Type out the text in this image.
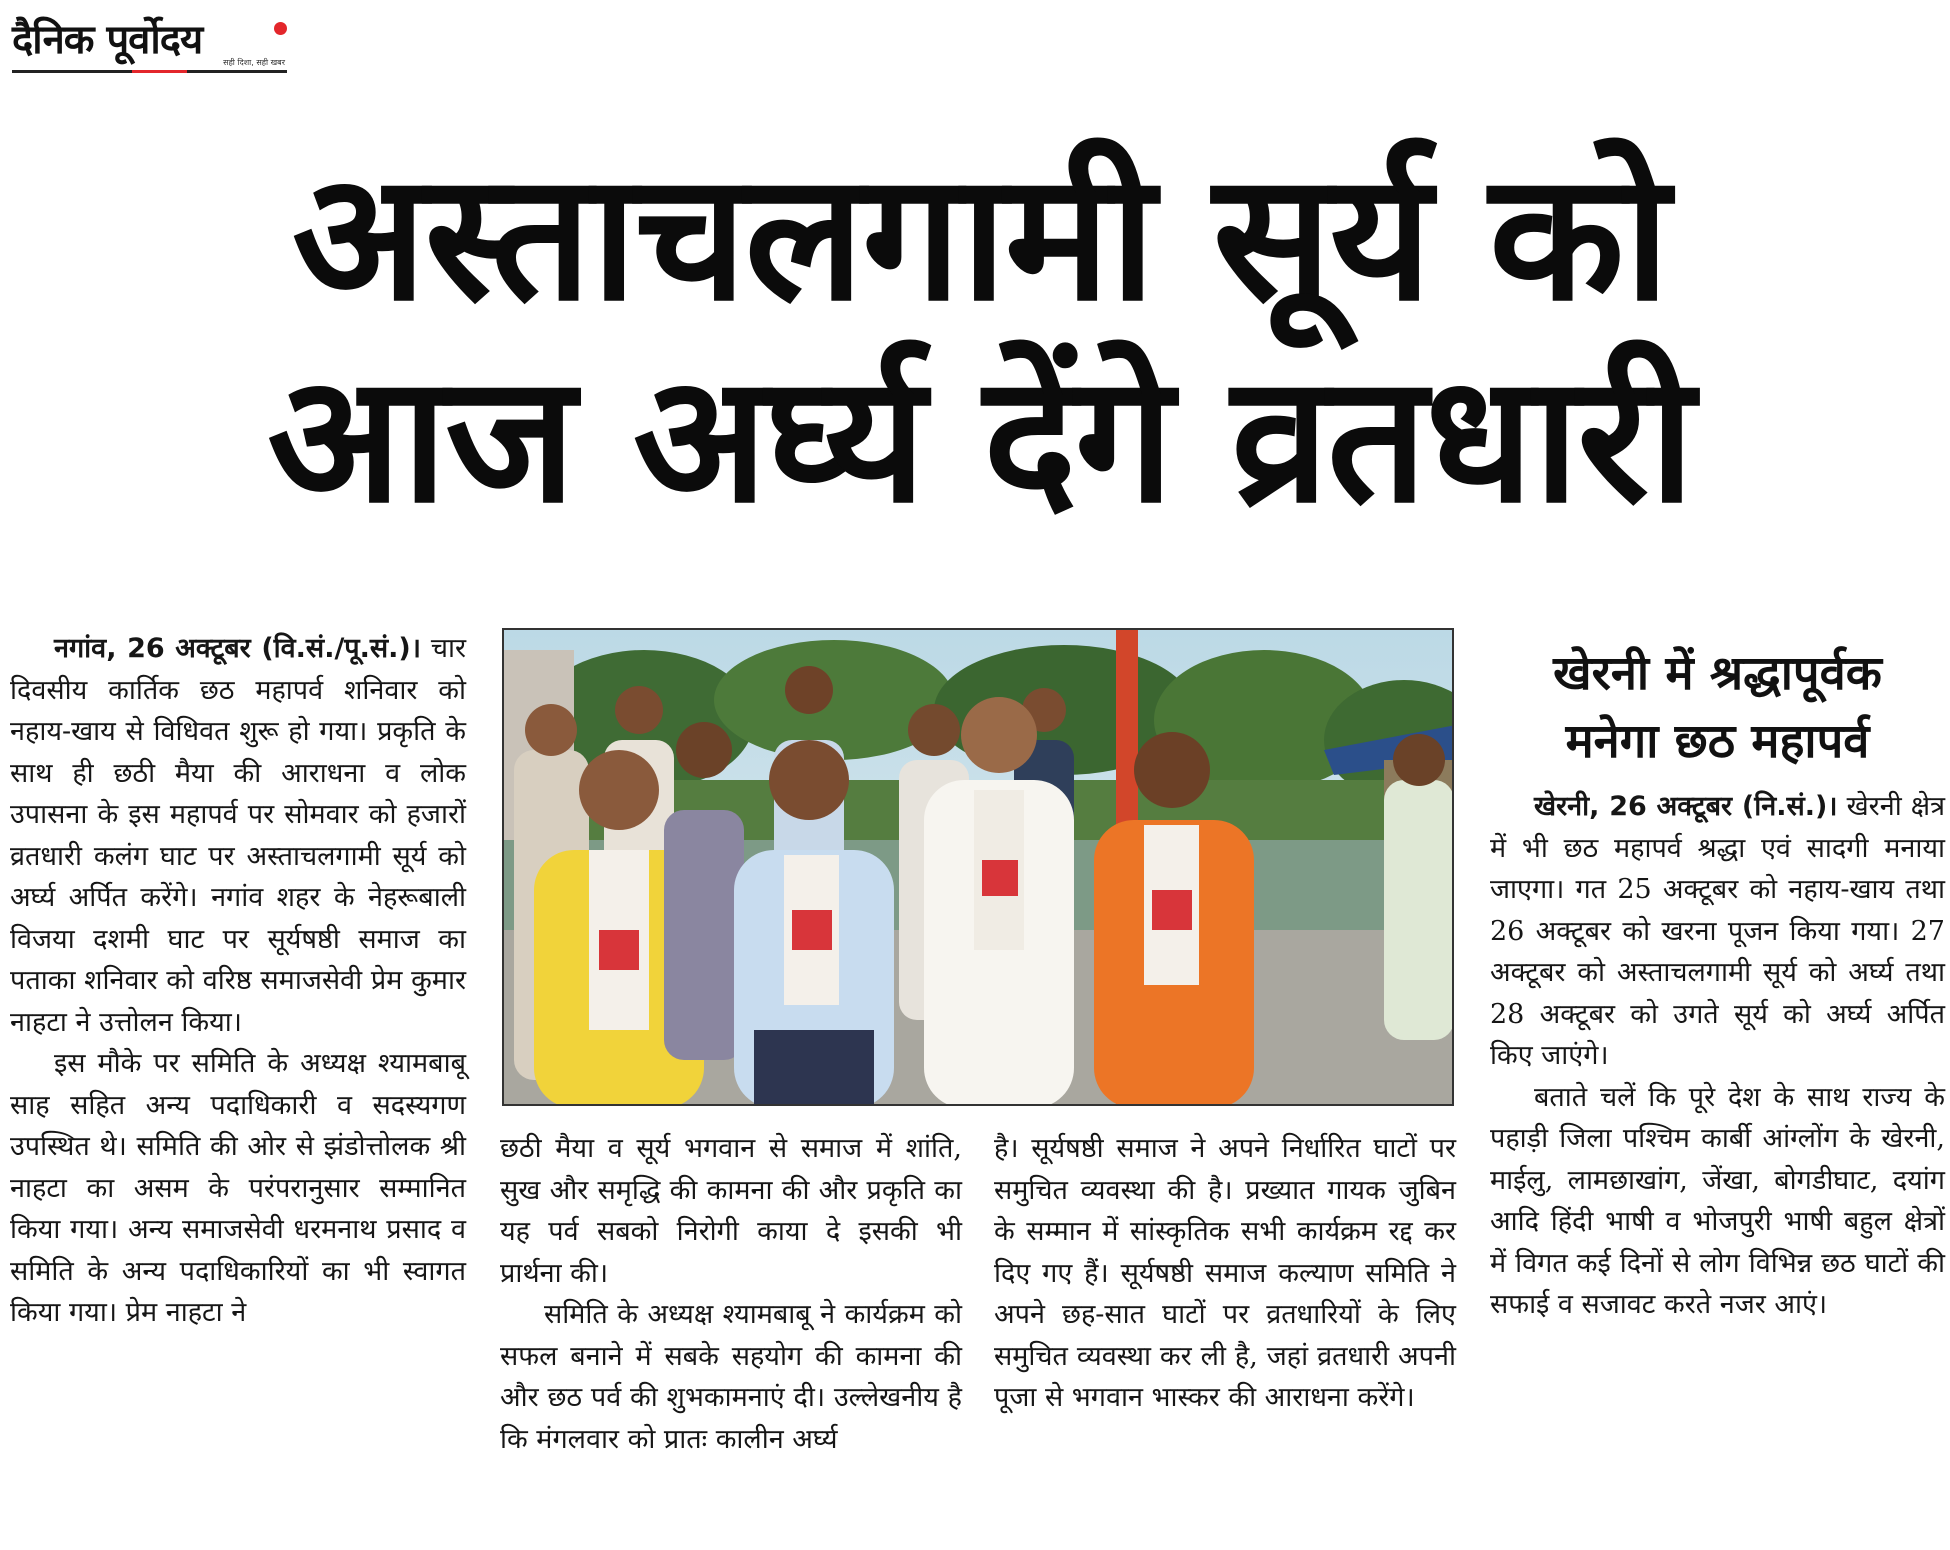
दैनिक पूर्वोदय	सही दिशा, सही खबर
अस्ताचलगामी सूर्य को
आज अर्घ्य देंगे व्रतधारी

नगांव, 26 अक्टूबर (वि.सं./पू.सं.)। चार दिवसीय कार्तिक छठ महापर्व शनिवार को नहाय-खाय से विधिवत शुरू हो गया। प्रकृति के साथ ही छठी मैया की आराधना व लोक उपासना के इस महापर्व पर सोमवार को हजारों व्रतधारी कलंग घाट पर अस्ताचलगामी सूर्य को अर्घ्य अर्पित करेंगे। नगांव शहर के नेहरूबाली विजया दशमी घाट पर सूर्यषष्ठी समाज का पताका शनिवार को वरिष्ठ समाजसेवी प्रेम कुमार नाहटा ने उत्तोलन किया।

इस मौके पर समिति के अध्यक्ष श्यामबाबू साह सहित अन्य पदाधिकारी व सदस्यगण उपस्थित थे। समिति की ओर से झंडोत्तोलक श्री नाहटा का असम के परंपरानुसार सम्मानित किया गया। अन्य समाजसेवी धरमनाथ प्रसाद व समिति के अन्य पदाधिकारियों का भी स्वागत किया गया। प्रेम नाहटा ने

छठी मैया व सूर्य भगवान से समाज में शांति, सुख और समृद्धि की कामना की और प्रकृति का यह पर्व सबको निरोगी काया दे इसकी भी प्रार्थना की।

समिति के अध्यक्ष श्यामबाबू ने कार्यक्रम को सफल बनाने में सबके सहयोग की कामना की और छठ पर्व की शुभकामनाएं दी। उल्लेखनीय है कि मंगलवार को प्रातः कालीन अर्घ्य

है। सूर्यषष्ठी समाज ने अपने निर्धारित घाटों पर समुचित व्यवस्था की है। प्रख्यात गायक जुबिन के सम्मान में सांस्कृतिक सभी कार्यक्रम रद्द कर दिए गए हैं। सूर्यषष्ठी समाज कल्याण समिति ने अपने छह-सात घाटों पर व्रतधारियों के लिए समुचित व्यवस्था कर ली है, जहां व्रतधारी अपनी पूजा से भगवान भास्कर की आराधना करेंगे।

खेरनी में श्रद्धापूर्वक
मनेगा छठ महापर्व

खेरनी, 26 अक्टूबर (नि.सं.)। खेरनी क्षेत्र में भी छठ महापर्व श्रद्धा एवं सादगी मनाया जाएगा। गत 25 अक्टूबर को नहाय-खाय तथा 26 अक्टूबर को खरना पूजन किया गया। 27 अक्टूबर को अस्ताचलगामी सूर्य को अर्घ्य तथा 28 अक्टूबर को उगते सूर्य को अर्घ्य अर्पित किए जाएंगे।

बताते चलें कि पूरे देश के साथ राज्य के पहाड़ी जिला पश्चिम कार्बी आंग्लोंग के खेरनी, माईलु, लामछाखांग, जेंखा, बोगडीघाट, दयांग आदि हिंदी भाषी व भोजपुरी भाषी बहुल क्षेत्रों में विगत कई दिनों से लोग विभिन्न छठ घाटों की सफाई व सजावट करते नजर आएं।
